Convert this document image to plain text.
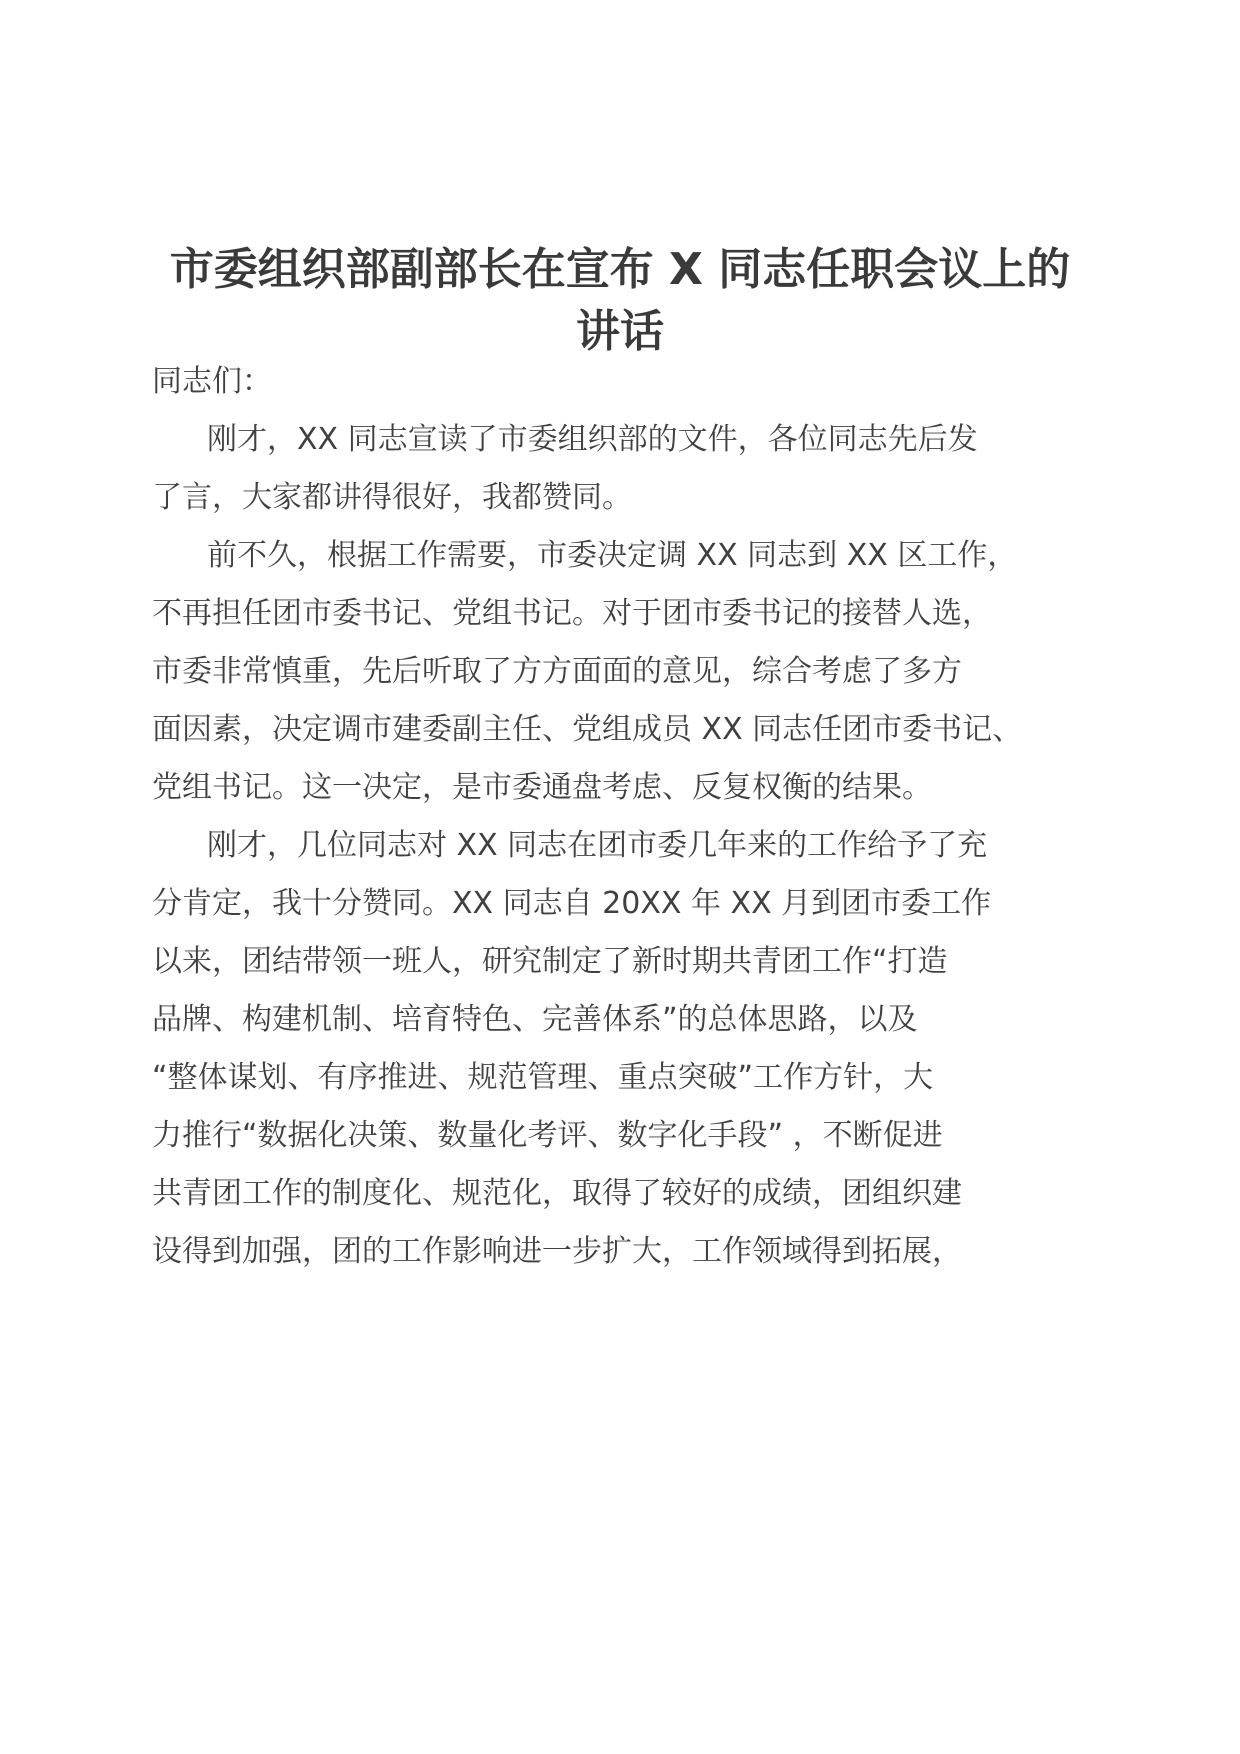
市委组织部副部长在宣布 X 同志任职会议上的
讲话
同志们：
刚才，XX 同志宣读了市委组织部的文件，各位同志先后发
了言，大家都讲得很好，我都赞同。
前不久，根据工作需要，市委决定调 XX 同志到 XX 区工作，
不再担任团市委书记、党组书记。对于团市委书记的接替人选，
市委非常慎重，先后听取了方方面面的意见，综合考虑了多方
面因素，决定调市建委副主任、党组成员 XX 同志任团市委书记、
党组书记。这一决定，是市委通盘考虑、反复权衡的结果。
刚才，几位同志对 XX 同志在团市委几年来的工作给予了充
分肯定，我十分赞同。XX 同志自 20XX 年 XX 月到团市委工作
以来，团结带领一班人，研究制定了新时期共青团工作“打造
品牌、构建机制、培育特色、完善体系”的总体思路，以及
“整体谋划、有序推进、规范管理、重点突破”工作方针，大
力推行“数据化决策、数量化考评、数字化手段” ，不断促进
共青团工作的制度化、规范化，取得了较好的成绩，团组织建
设得到加强，团的工作影响进一步扩大，工作领域得到拓展，
